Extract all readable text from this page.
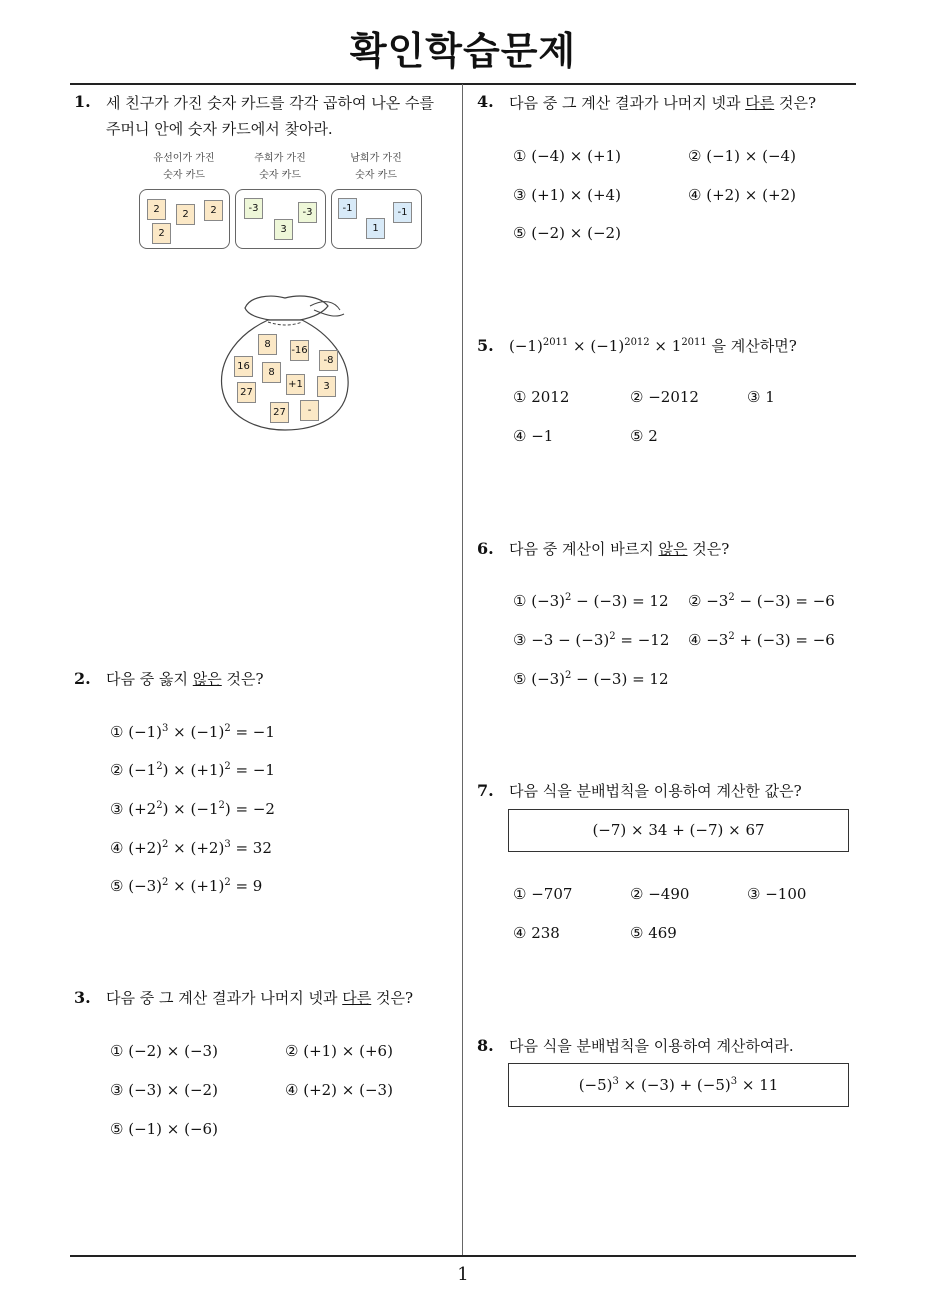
확인학습문제
1
1. 세 친구가 가진 숫자 카드를 각각 곱하여 나온 수를
주머니 안에 숫자 카드에서 찾아라.
유선이가 가진
숫자 카드
주희가 가진
숫자 카드
남희가 가진
숫자 카드
2	2	2
2
-3	-3
3
-1	-1
1
8
-16
-8
16
8
27
+1	3
27	-
2. 다음 중 옳지 않은 것은?
① $(-1)^3 \times (-1)^2 = -1$
② $(-1^2) \times (+1)^2 = -1$
③ $(+2^2) \times (-1^2) = -2$
④ $(+2)^2 \times (+2)^3 = 32$
⑤ $(-3)^2 \times (+1)^2 = 9$
3. 다음 중 그 계산 결과가 나머지 넷과 다른 것은?
① (−2) × (−3)	② (+1) × (+6)
③ (−3) × (−2)	④ (+2) × (−3)
⑤ (−1) × (−6)
4. 다음 중 그 계산 결과가 나머지 넷과 다른 것은?
① (−4) × (+1)	② (−1) × (−4)
③ (+1) × (+4)	④ (+2) × (+2)
⑤ (−2) × (−2)
5. $(-1)^{2011} \times (-1)^{2012} \times 1^{2011}$ 을 계산하면?
① 2012	② −2012	③ 1
④ −1	⑤ 2
6. 다음 중 계산이 바르지 않은 것은?
① $(-3)^2 - (-3) = 12$ ② $-3^2 - (-3) = -6$
③ $-3 - (-3)^2 = -12$ ④ $-3^2 + (-3) = -6$
⑤ $(-3)^2 - (-3) = 12$
7. 다음 식을 분배법칙을 이용하여 계산한 값은?
(−7) × 34 + (−7) × 67
① −707	② −490	③ −100
④ 238	⑤ 469
8. 다음 식을 분배법칙을 이용하여 계산하여라.
$(-5)^3 \times (-3) + (-5)^3 \times 11$
